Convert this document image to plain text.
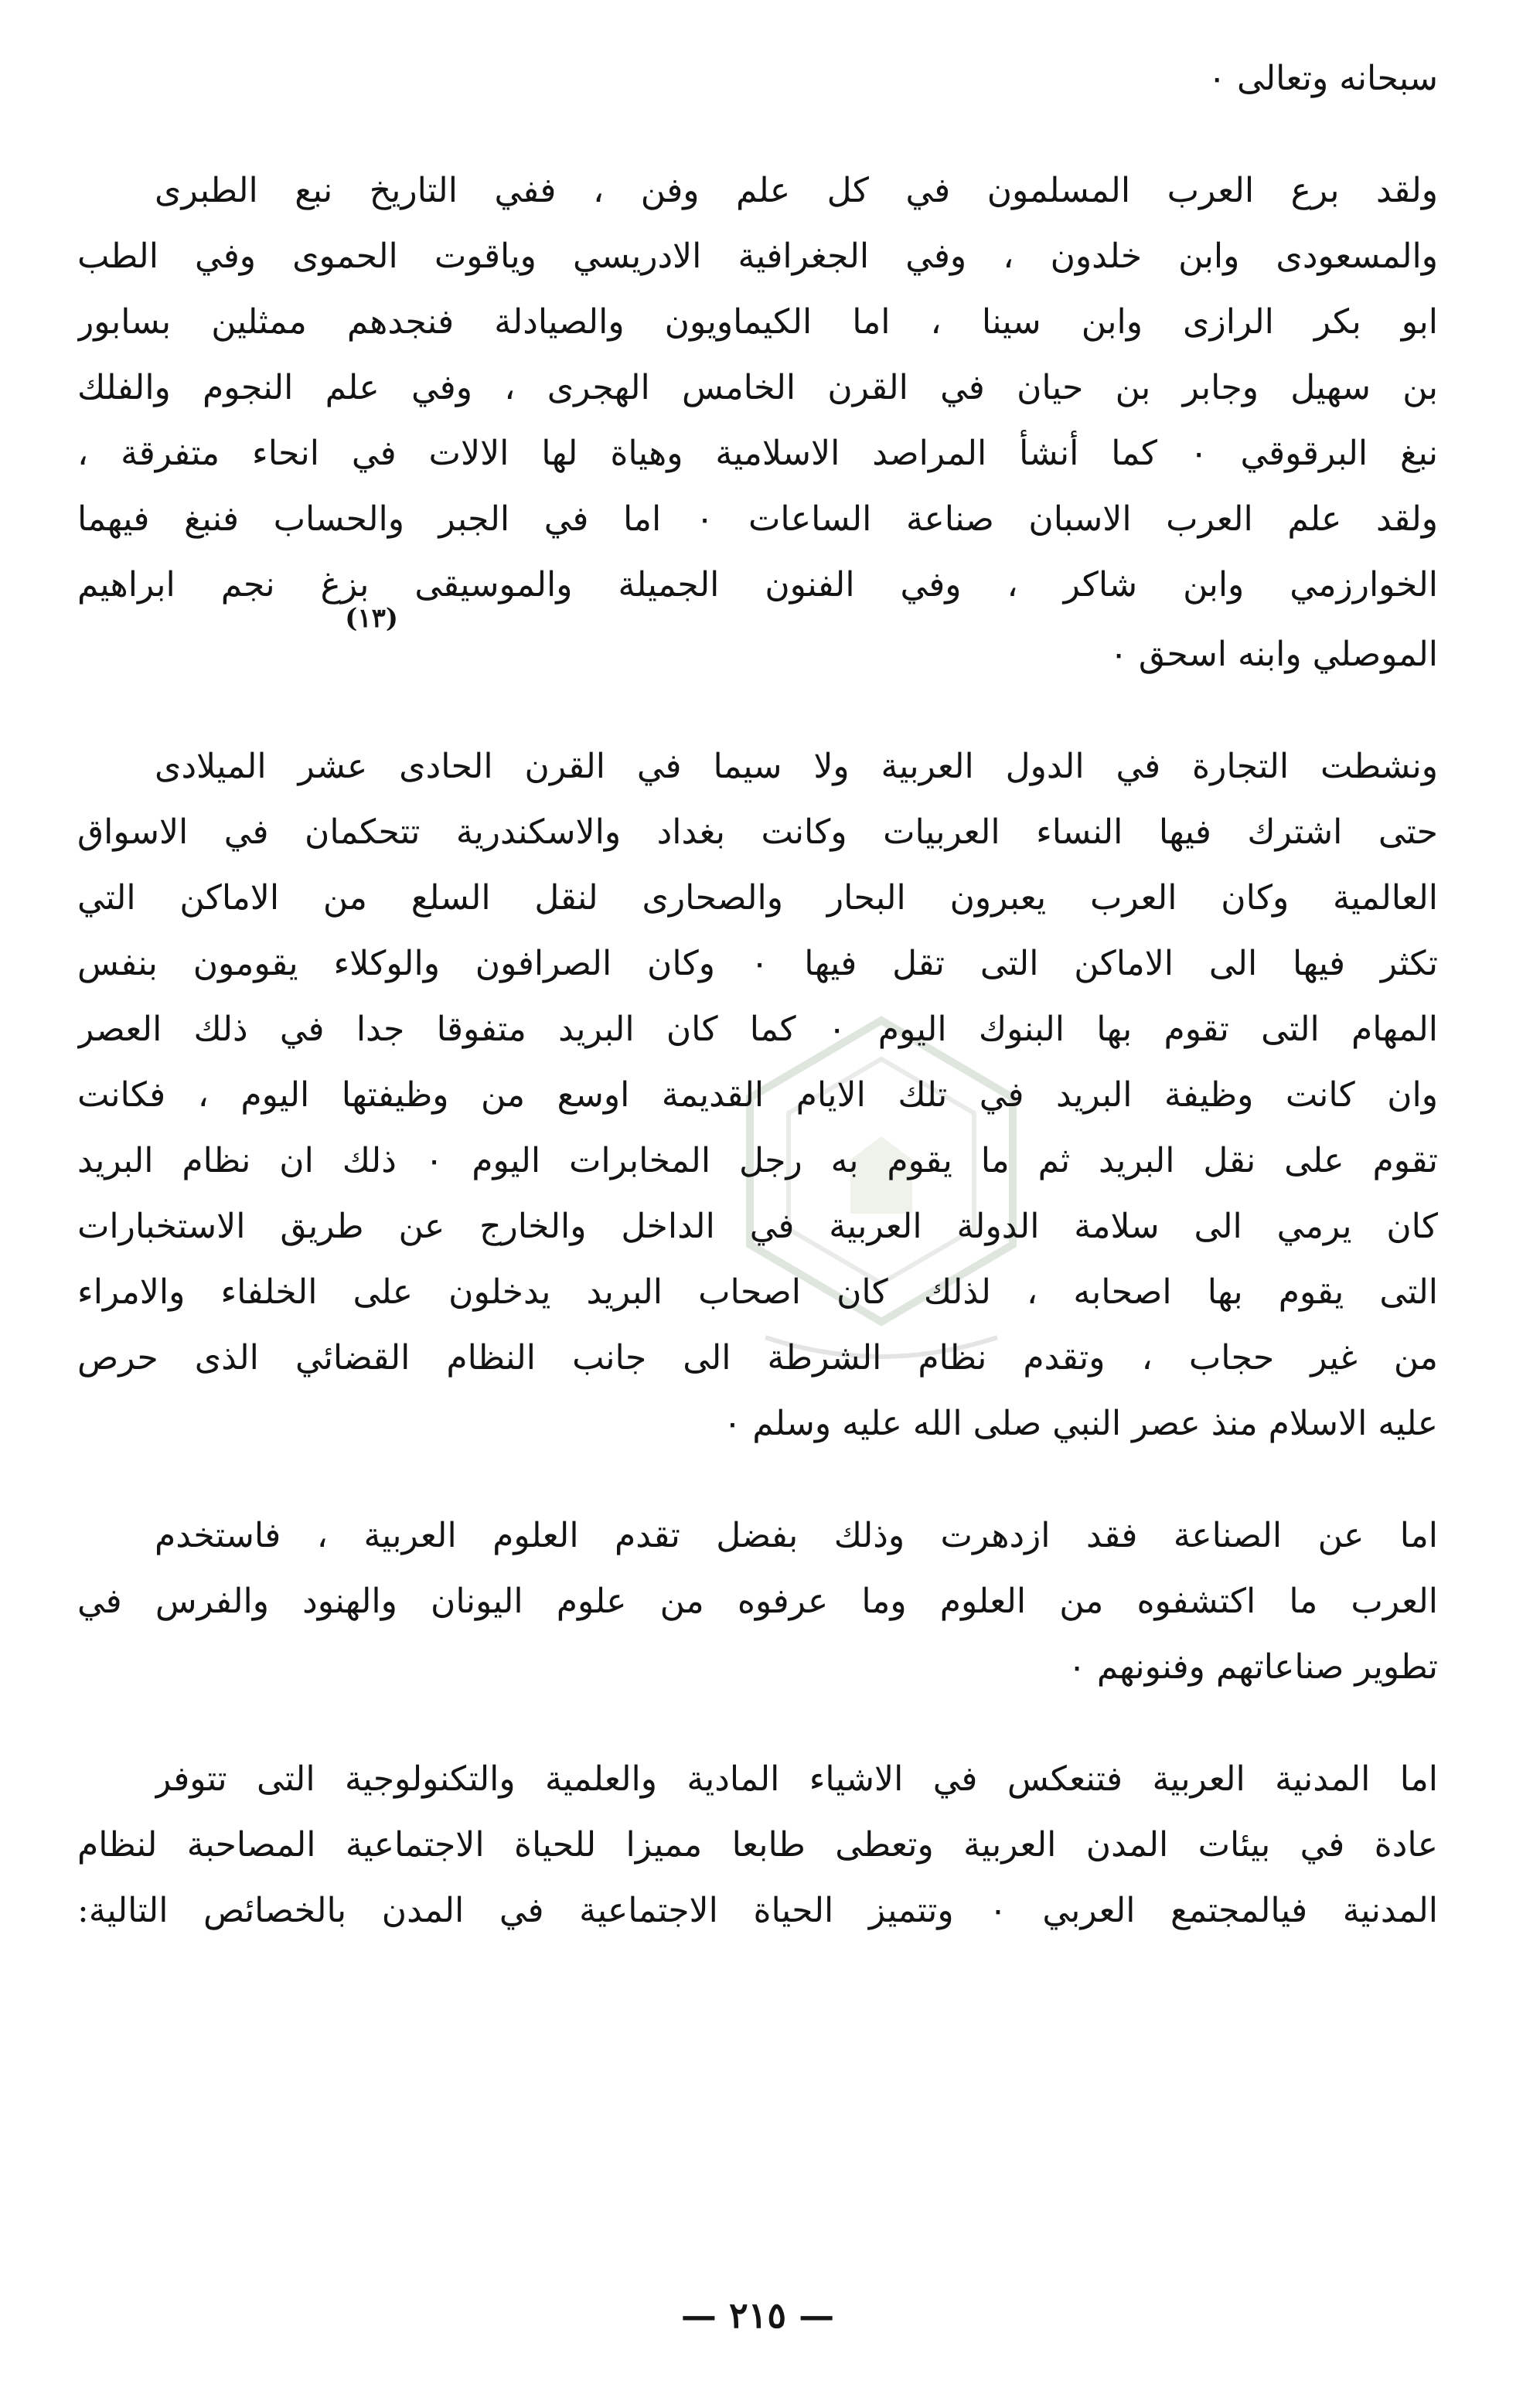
سبحانه وتعالى ٠
ولقد برع العرب المسلمون في كل علم وفن ، ففي التاريخ نبع الطبرى
والمسعودى وابن خلدون ، وفي الجغرافية الادريسي وياقوت الحموى وفي الطب
ابو بكر الرازى وابن سينا ، اما الكيماويون والصيادلة فنجدهم ممثلين بسابور
بن سهيل وجابر بن حيان في القرن الخامس الهجرى ، وفي علم النجوم والفلك
نبغ البرقوقي ٠ كما أنشأ المراصد الاسلامية وهياة لها الالات في انحاء متفرقة ،
ولقد علم العرب الاسبان صناعة الساعات ٠ اما في الجبر والحساب فنبغ فيهما
الخوارزمي وابن شاكر ، وفي الفنون الجميلة والموسيقى بزغ نجم ابراهيم
الموصلي وابنه اسحق ٠
(١٣)
ونشطت التجارة في الدول العربية ولا سيما في القرن الحادى عشر الميلادى
حتى اشترك فيها النساء العربيات وكانت بغداد والاسكندرية تتحكمان في الاسواق
العالمية وكان العرب يعبرون البحار والصحارى لنقل السلع من الاماكن التي
تكثر فيها الى الاماكن التى تقل فيها ٠ وكان الصرافون والوكلاء يقومون بنفس
المهام التى تقوم بها البنوك اليوم ٠ كما كان البريد متفوقا جدا في ذلك العصر
وان كانت وظيفة البريد في تلك الايام القديمة اوسع من وظيفتها اليوم ، فكانت
تقوم على نقل البريد ثم ما يقوم به رجل المخابرات اليوم ٠ ذلك ان نظام البريد
كان يرمي الى سلامة الدولة العربية في الداخل والخارج عن طريق الاستخبارات
التى يقوم بها اصحابه ، لذلك كان اصحاب البريد يدخلون على الخلفاء والامراء
من غير حجاب ، وتقدم نظام الشرطة الى جانب النظام القضائي الذى حرص
عليه الاسلام منذ عصر النبي صلى الله عليه وسلم ٠
اما عن الصناعة فقد ازدهرت وذلك بفضل تقدم العلوم العربية ، فاستخدم
العرب ما اكتشفوه من العلوم وما عرفوه من علوم اليونان والهنود والفرس في
تطوير صناعاتهم وفنونهم ٠
اما المدنية العربية فتنعكس في الاشياء المادية والعلمية والتكنولوجية التى تتوفر
عادة في بيئات المدن العربية وتعطى طابعا مميزا للحياة الاجتماعية المصاحبة لنظام
المدنية فيالمجتمع العربي ٠ وتتميز الحياة الاجتماعية في المدن بالخصائص التالية:
— ٢١٥ —
